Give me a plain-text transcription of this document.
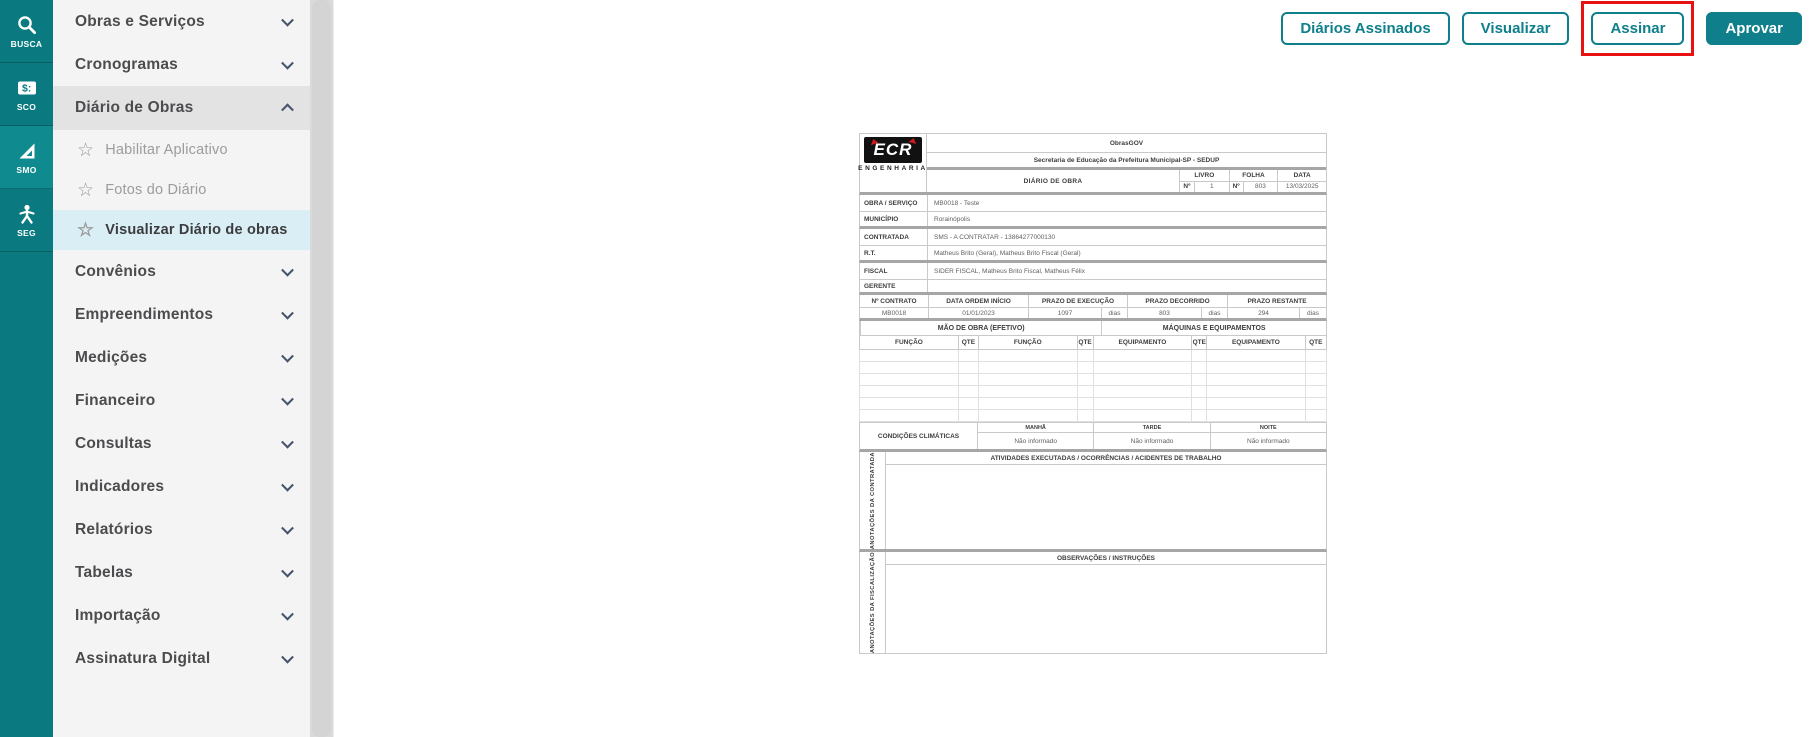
BUSCA
$:
SCO
SMO
SEG
Obras e Serviços
Cronogramas
Diário de Obras
☆ Habilitar Aplicativo
☆ Fotos do Diário
☆ Visualizar Diário de obras
Convênios
Empreendimentos
Medições
Financeiro
Consultas
Indicadores
Relatórios
Tabelas
Importação
Assinatura Digital
Diários Assinados	Visualizar	Assinar	Aprovar
ECR
ENGENHARIA
ObrasGOV
Secretaria de Educação da Prefeitura Municipal-SP - SEDUP
DIÁRIO DE OBRA
LIVRO	FOLHA	DATA
Nº	1	Nº	803	13/03/2025
OBRA / SERVIÇO	MB0018 - Teste
MUNICÍPIO	Rorainópolis
CONTRATADA	SMS - A CONTRATAR - 13864277000130
R.T.	Matheus Brito (Geral), Matheus Brito Fiscal (Geral)
FISCAL	SIDER FISCAL, Matheus Brito Fiscal, Matheus Félix
GERENTE
Nº CONTRATO	DATA ORDEM INÍCIO	PRAZO DE EXECUÇÃO	PRAZO DECORRIDO	PRAZO RESTANTE
MB0018	01/01/2023	1097	dias	803	dias	294	dias
MÃO DE OBRA (EFETIVO)	MÁQUINAS E EQUIPAMENTOS
FUNÇÃO	QTE	FUNÇÃO	QTE	EQUIPAMENTO	QTE	EQUIPAMENTO	QTE
CONDIÇÕES CLIMÁTICAS
MANHÃ	TARDE	NOITE
Não informado	Não informado	Não informado
ANOTAÇÕES DA CONTRATADA	ATIVIDADES EXECUTADAS / OCORRÊNCIAS / ACIDENTES DE TRABALHO
ANOTAÇÕES DA FISCALIZAÇÃO	OBSERVAÇÕES / INSTRUÇÕES
